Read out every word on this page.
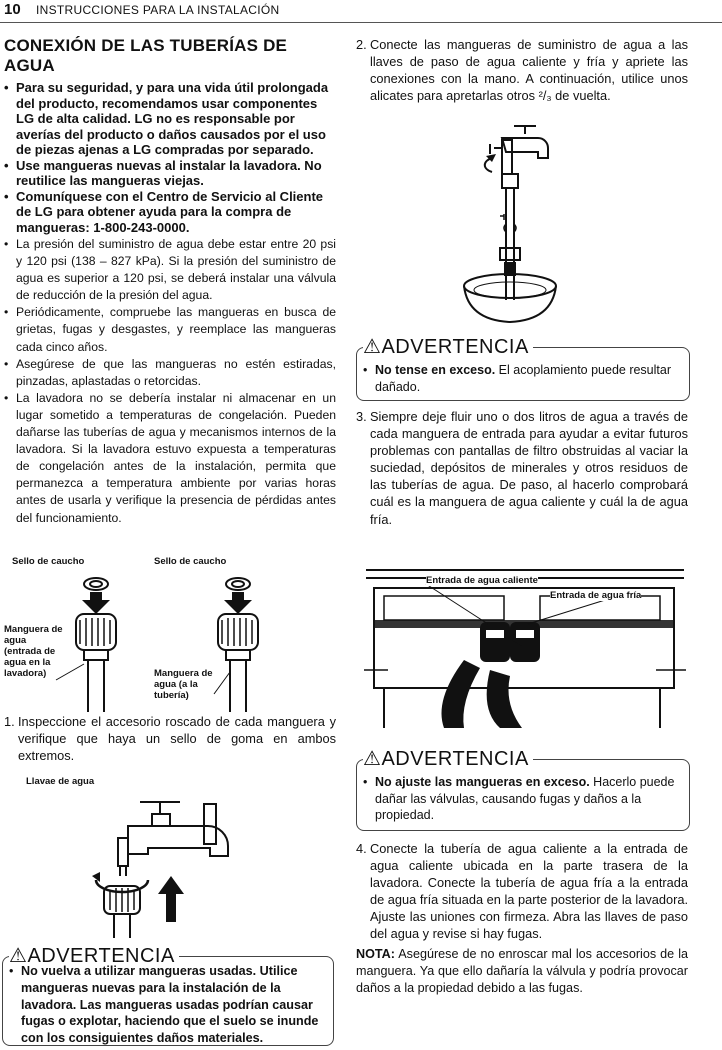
10 INSTRUCCIONES PARA LA INSTALACIÓN
CONEXIÓN DE LAS TUBERÍAS DE AGUA
• Para su seguridad, y para una vida útil prolongada del producto, recomendamos usar componentes LG de alta calidad. LG no es responsable por averías del producto o daños causados por el uso de piezas ajenas a LG compradas por separado.
• Use mangueras nuevas al instalar la lavadora. No reutilice las mangueras viejas.
• Comuníquese con el Centro de Servicio al Cliente de LG para obtener ayuda para la compra de mangueras: 1-800-243-0000.
• La presión del suministro de agua debe estar entre 20 psi y 120 psi (138 – 827 kPa). Si la presión del suministro de agua es superior a 120 psi, se deberá instalar una válvula de reducción de la presión del agua.
• Periódicamente, compruebe las mangueras en busca de grietas, fugas y desgastes, y reemplace las mangueras cada cinco años.
• Asegúrese de que las mangueras no estén estiradas, pinzadas, aplastadas o retorcidas.
• La lavadora no se debería instalar ni almacenar en un lugar sometido a temperaturas de congelación. Pueden dañarse las tuberías de agua y mecanismos internos de la lavadora. Si la lavadora estuvo expuesta a temperaturas de congelación antes de la instalación, permita que permanezca a temperatura ambiente por varias horas antes de usarla y verifique la presencia de pérdidas antes del funcionamiento.
Sello de caucho	Sello de caucho
Manguera de agua (entrada de agua en la lavadora)	Manguera de agua (a la tubería)
1. Inspeccione el accesorio roscado de cada manguera y verifique que haya un sello de goma en ambos extremos.
Llavae de agua
⚠ADVERTENCIA
• No vuelva a utilizar mangueras usadas. Utilice mangueras nuevas para la instalación de la lavadora. Las mangueras usadas podrían causar fugas o explotar, haciendo que el suelo se inunde con los consiguientes daños materiales.
2. Conecte las mangueras de suministro de agua a las llaves de paso de agua caliente y fría y apriete las conexiones con la mano. A continuación, utilice unos alicates para apretarlas otros ²/₃ de vuelta.
⚠ADVERTENCIA
• No tense en exceso. El acoplamiento puede resultar dañado.
3. Siempre deje fluir uno o dos litros de agua a través de cada manguera de entrada para ayudar a evitar futuros problemas con pantallas de filtro obstruidas al vaciar la suciedad, depósitos de minerales y otros residuos de las tuberías de agua. De paso, al hacerlo comprobará cuál es la manguera de agua caliente y cuál la de agua fría.
Entrada de agua caliente
Entrada de agua fría
⚠ADVERTENCIA
• No ajuste las mangueras en exceso. Hacerlo puede dañar las válvulas, causando fugas y daños a la propiedad.
4. Conecte la tubería de agua caliente a la entrada de agua caliente ubicada en la parte trasera de la lavadora. Conecte la tubería de agua fría a la entrada de agua fría situada en la parte posterior de la lavadora. Ajuste las uniones con firmeza. Abra las llaves de paso del agua y revise si hay fugas.
NOTA: Asegúrese de no enroscar mal los accesorios de la manguera. Ya que ello dañaría la válvula y podría provocar daños a la propiedad debido a las fugas.
